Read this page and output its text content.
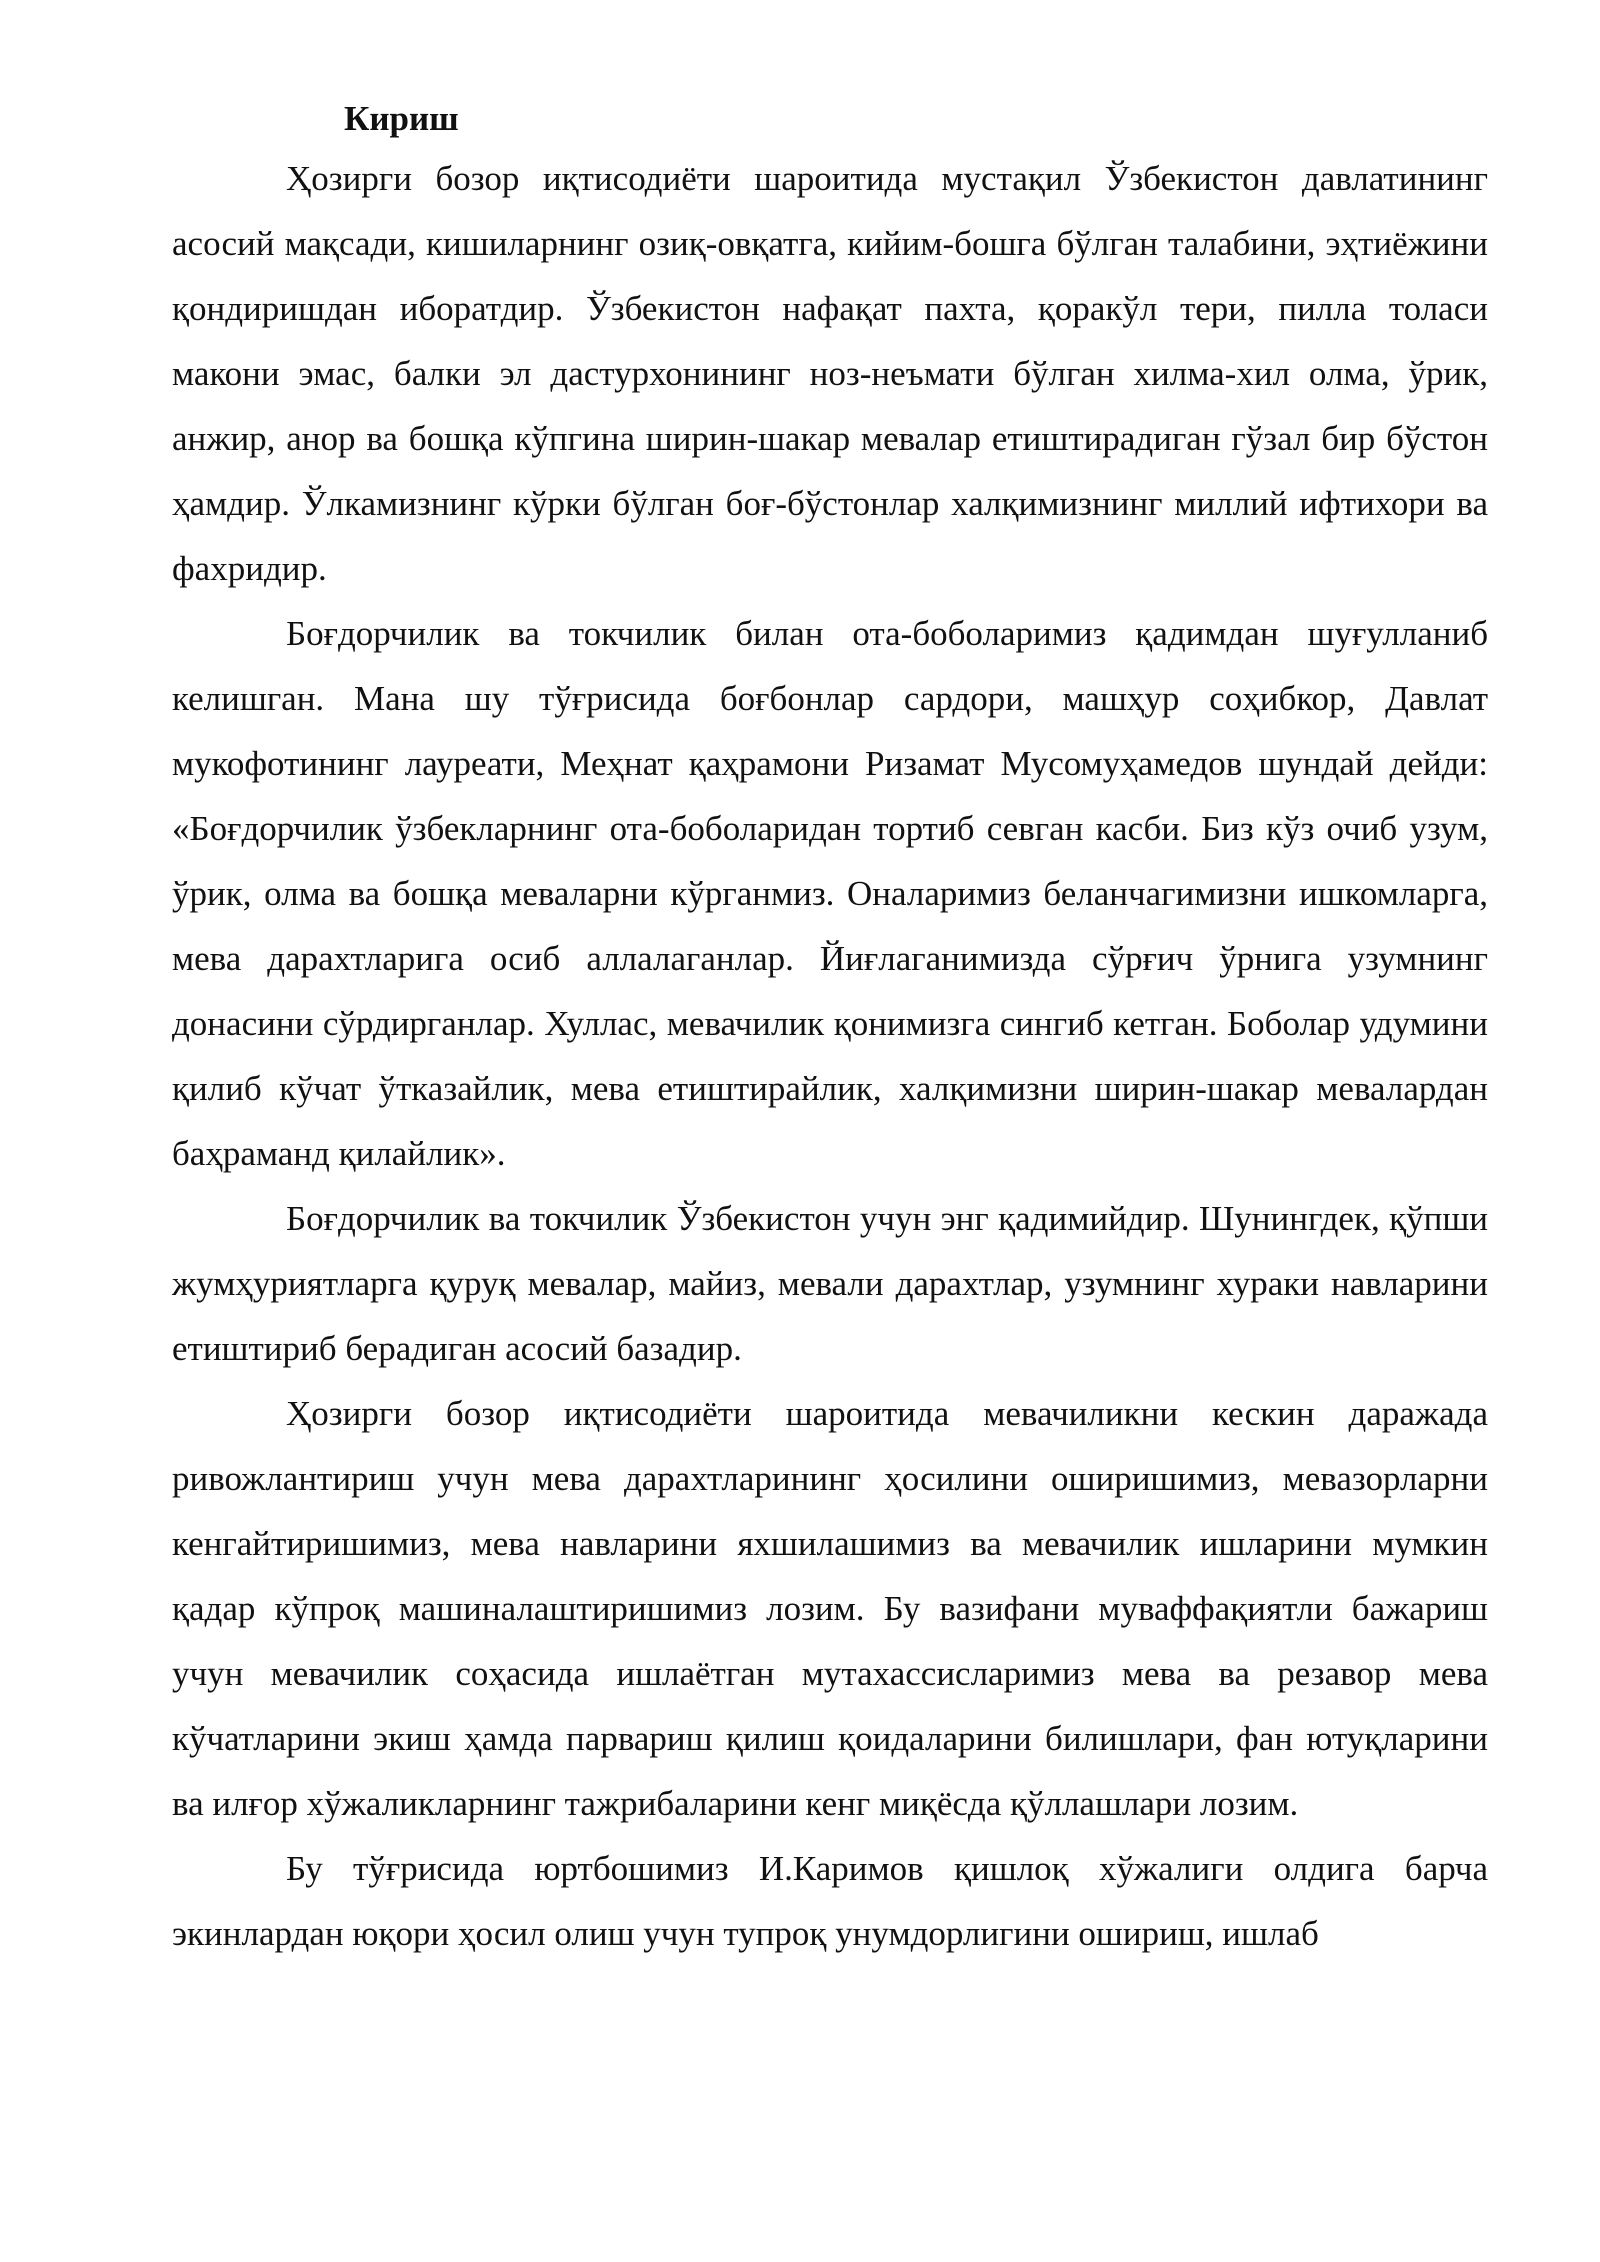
Кириш

Ҳозирги бозор иқтисодиёти шароитида мустақил Ўзбекистон давлатининг асосий мақсади, кишиларнинг озиқ-овқатга, кийим-бошга бўлган талабини, эҳтиёжини қондиришдан иборатдир. Ўзбекистон нафақат пахта, қоракўл тери, пилла толаси макони эмас, балки эл дастурхонининг ноз-неъмати бўлган хилма-хил олма, ўрик, анжир, анор ва бошқа кўпгина ширин-шакар мевалар етиштирадиган гўзал бир бўстон ҳамдир. Ўлкамизнинг кўрки бўлган боғ-бўстонлар халқимизнинг миллий ифтихори ва фахридир.

Боғдорчилик ва токчилик билан ота-боболаримиз қадимдан шуғулланиб келишган. Мана шу тўғрисида боғбонлар сардори, машҳур соҳибкор, Давлат мукофотининг лауреати, Меҳнат қаҳрамони Ризамат Мусомуҳамедов шундай дейди: «Боғдорчилик ўзбекларнинг ота-боболаридан тортиб севган касби. Биз кўз очиб узум, ўрик, олма ва бошқа меваларни кўрганмиз. Оналаримиз беланчагимизни ишкомларга, мева дарахтларига осиб аллалаганлар. Йиғлаганимизда сўрғич ўрнига узумнинг донасини сўрдирганлар. Хуллас, мевачилик қонимизга сингиб кетган. Боболар удумини қилиб кўчат ўтказайлик, мева етиштирайлик, халқимизни ширин-шакар мевалардан баҳраманд қилайлик».

Боғдорчилик ва токчилик Ўзбекистон учун энг қадимийдир. Шунингдек, қўпши жумҳуриятларга қуруқ мевалар, майиз, мевали дарахтлар, узумнинг хураки навларини етиштириб берадиган асосий базадир.

Ҳозирги бозор иқтисодиёти шароитида мевачиликни кескин даражада ривожлантириш учун мева дарахтларининг ҳосилини оширишимиз, мевазорларни кенгайтиришимиз, мева навларини яхшилашимиз ва мевачилик ишларини мумкин қадар кўпроқ машиналаштиришимиз лозим. Бу вазифани муваффақиятли бажариш учун мевачилик соҳасида ишлаётган мутахассисларимиз мева ва резавор мева кўчатларини экиш ҳамда парвариш қилиш қоидаларини билишлари, фан ютуқларини ва илғор хўжаликларнинг тажрибаларини кенг миқёсда қўллашлари лозим.

Бу тўғрисида юртбошимиз И.Каримов қишлоқ хўжалиги олдига барча экинлардан юқори ҳосил олиш учун тупроқ унумдорлигини ошириш, ишлаб
